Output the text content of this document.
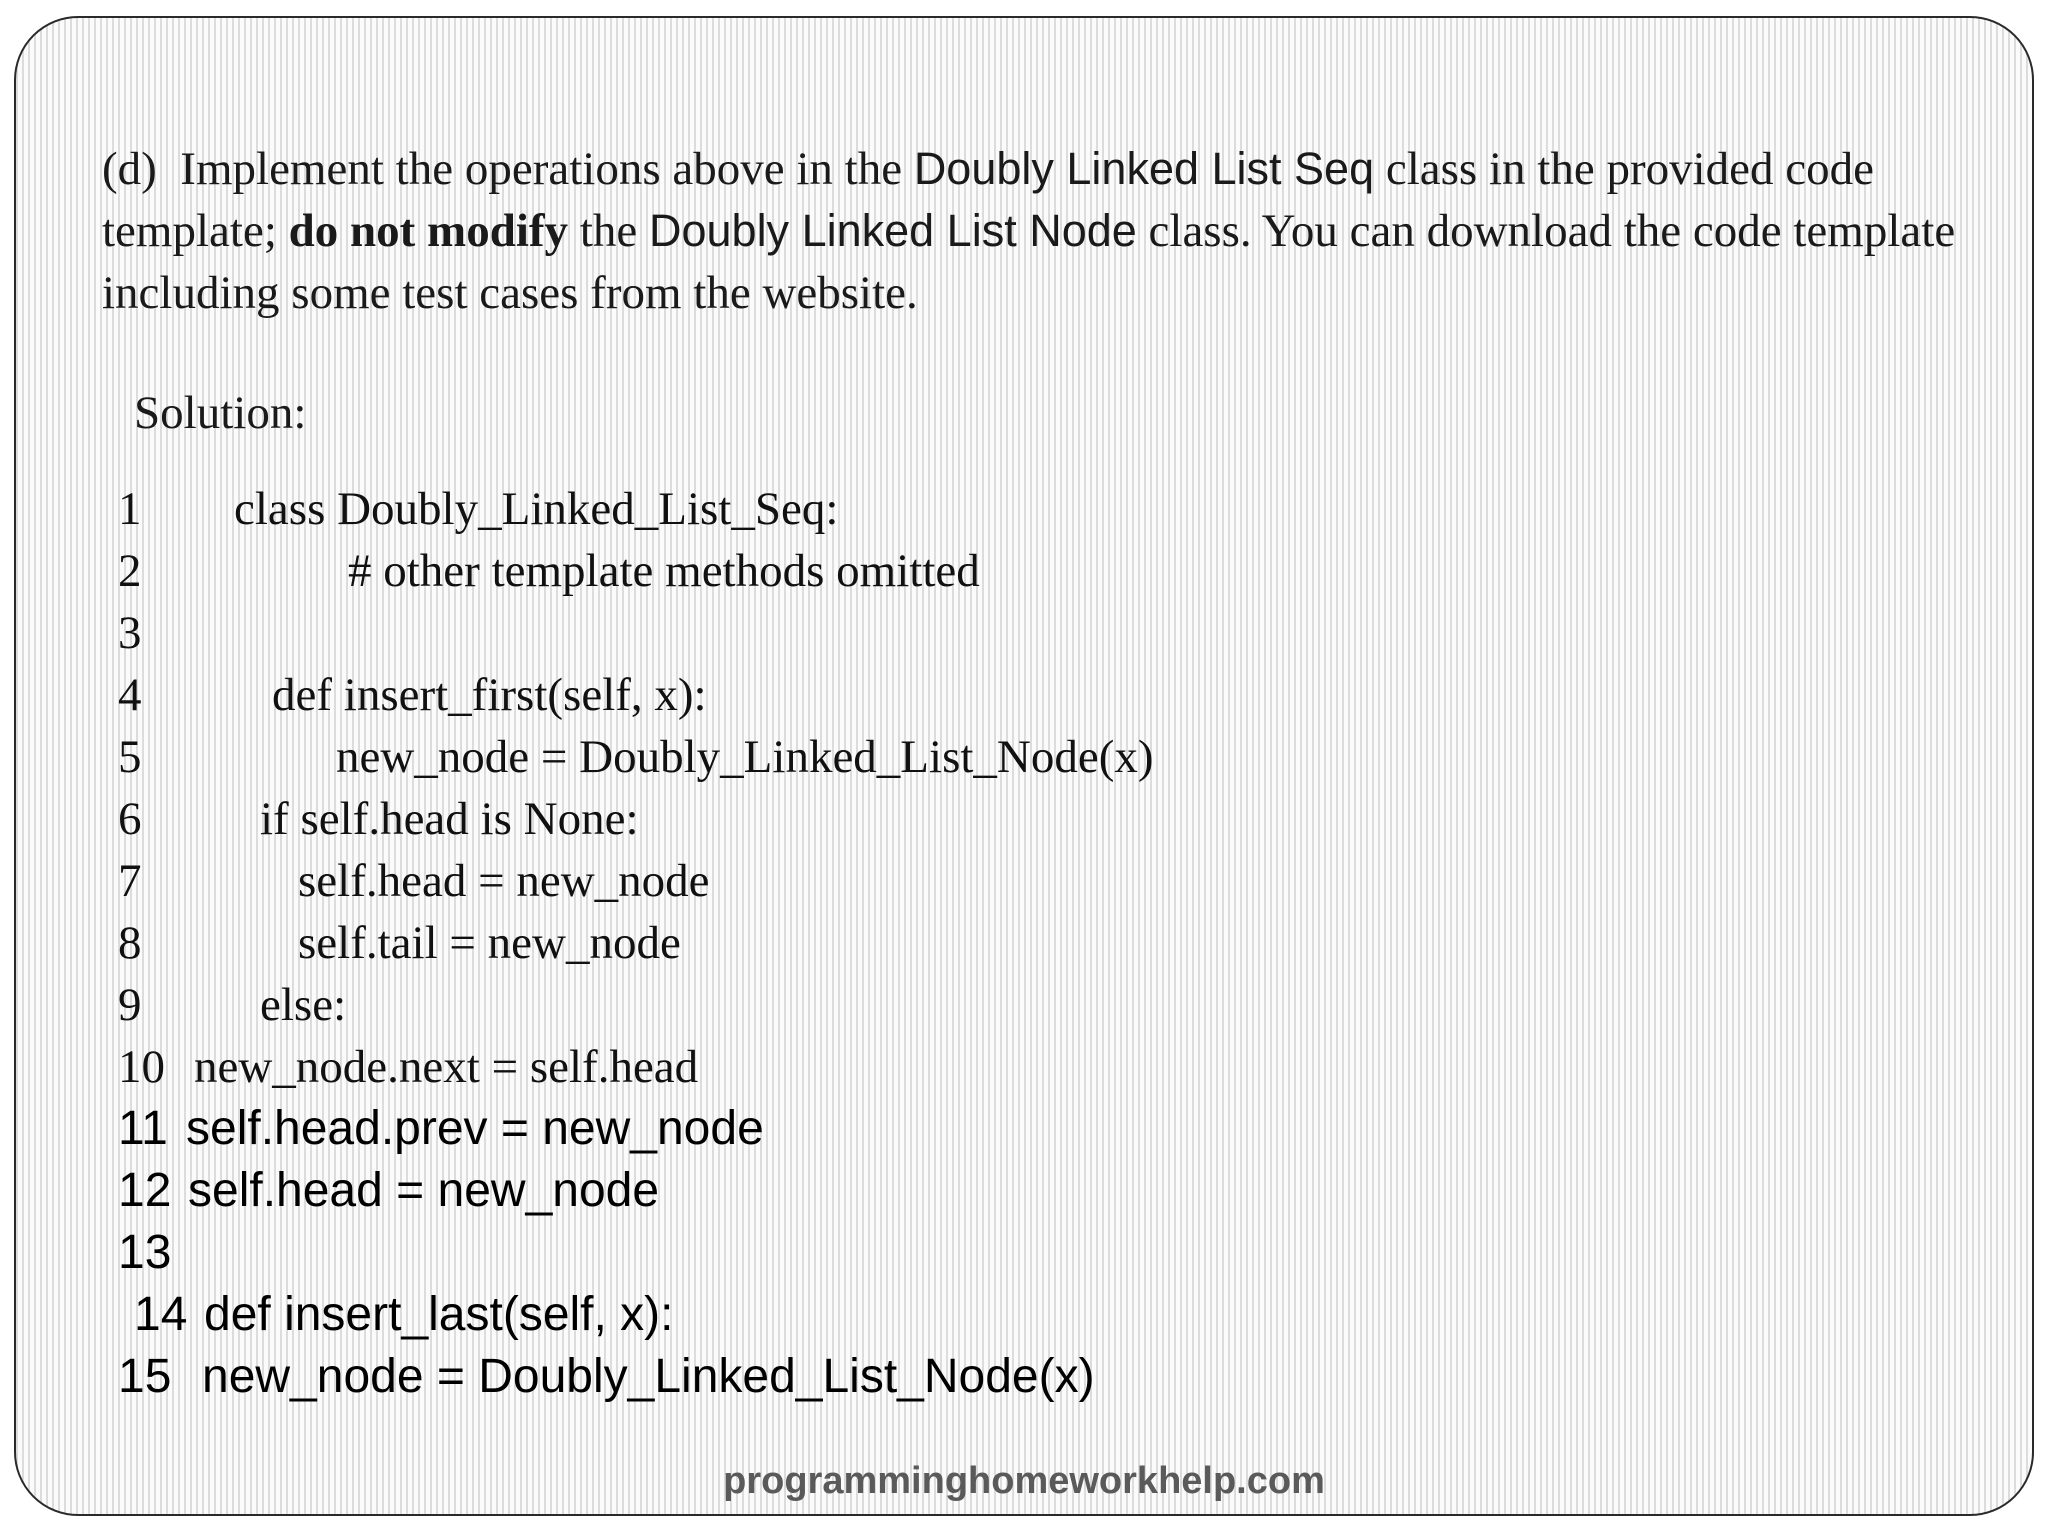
(d)  Implement the operations above in the Doubly Linked List Seq class in the provided code template; do not modify the Doubly Linked List Node class. You can download the code template including some test cases from the website.

Solution:

1

class Doubly_Linked_List_Seq:

2

	# other template methods omitted

3

4

	def insert_first(self, x):

5

	new_node = Doubly_Linked_List_Node(x)

6

	if self.head is None:

7

	self.head = new_node

8

	self.tail = new_node

9

	else:

10

new_node.next = self.head

11

self.head.prev = new_node

12

self.head = new_node

13

14

def insert_last(self, x):

15

new_node = Doubly_Linked_List_Node(x)

programminghomeworkhelp.com
